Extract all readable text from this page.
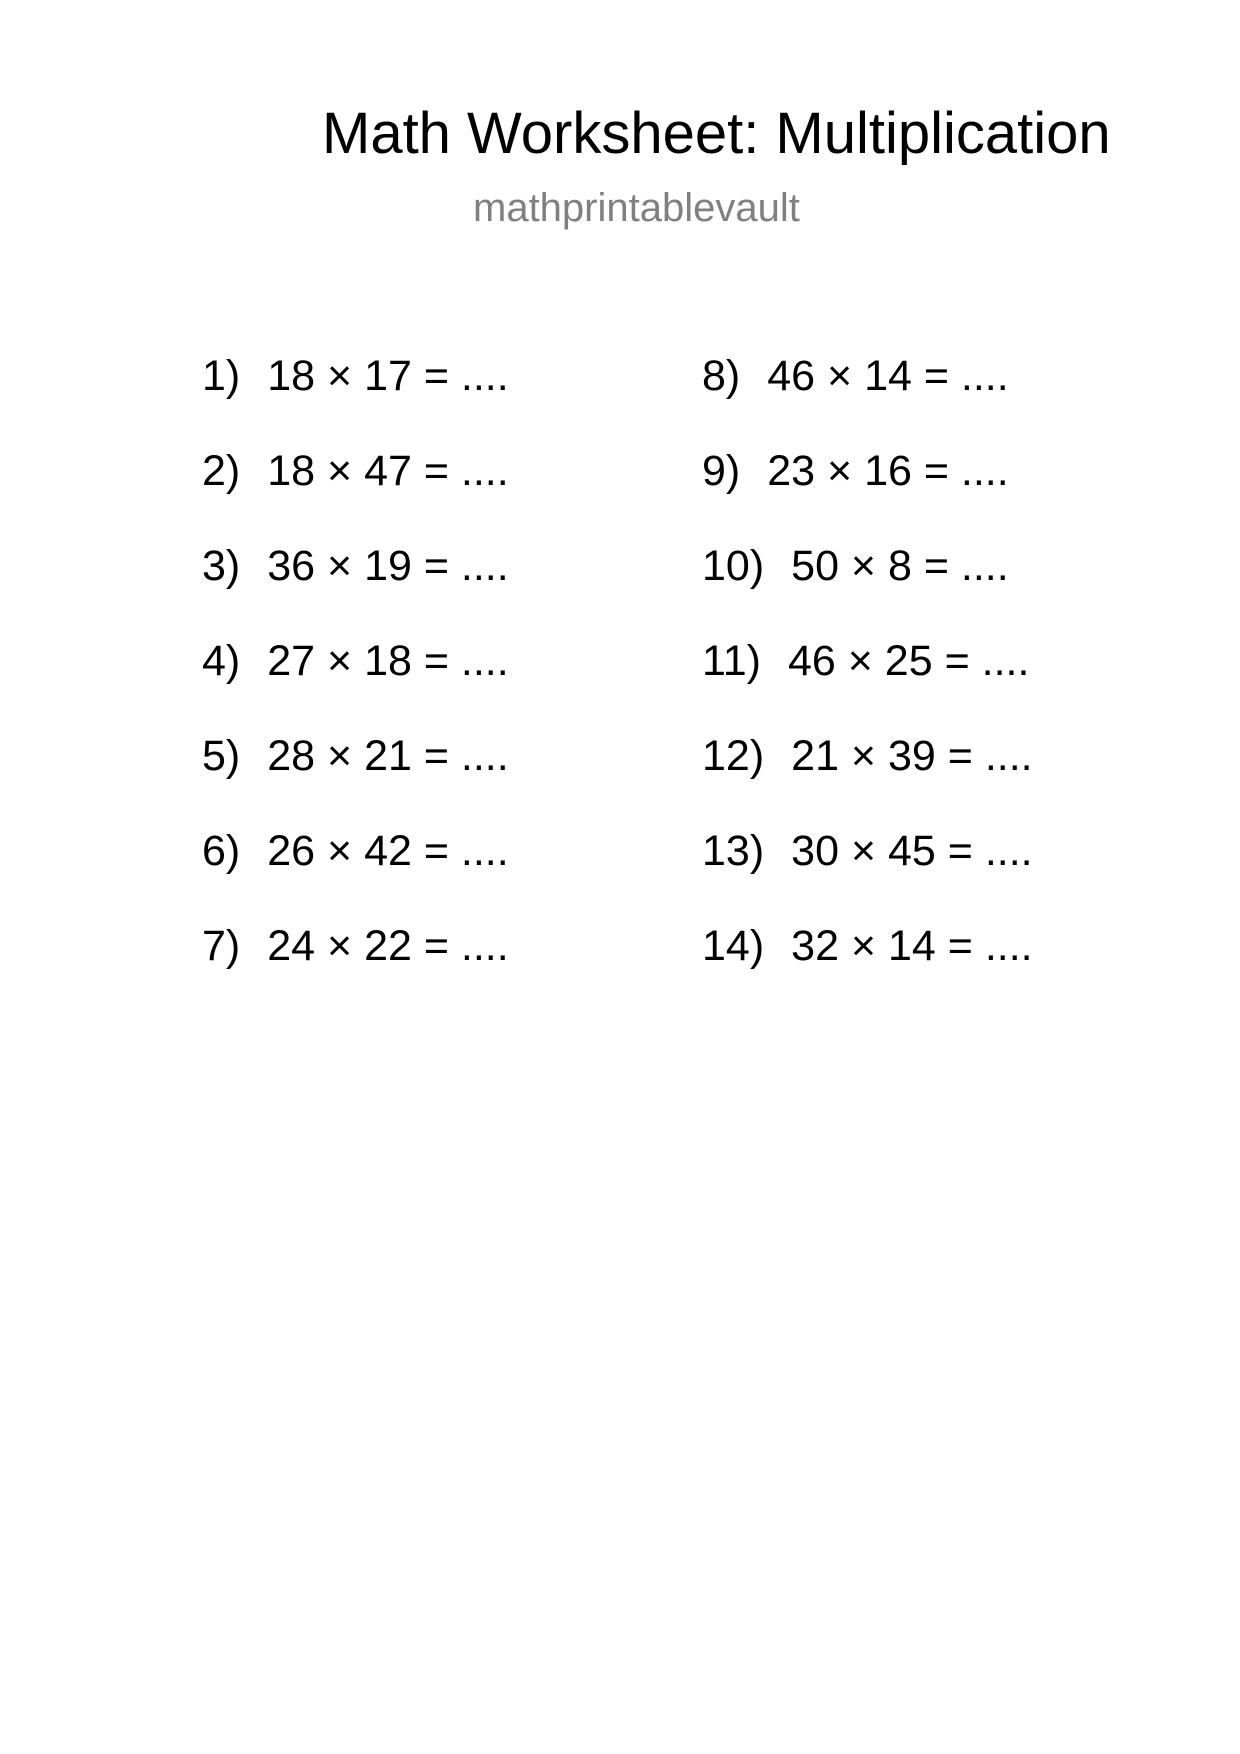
Math Worksheet: Multiplication
mathprintablevault
1) 18 × 17 = ....
2) 18 × 47 = ....
3) 36 × 19 = ....
4) 27 × 18 = ....
5) 28 × 21 = ....
6) 26 × 42 = ....
7) 24 × 22 = ....
8) 46 × 14 = ....
9) 23 × 16 = ....
10) 50 × 8 = ....
11) 46 × 25 = ....
12) 21 × 39 = ....
13) 30 × 45 = ....
14) 32 × 14 = ....
